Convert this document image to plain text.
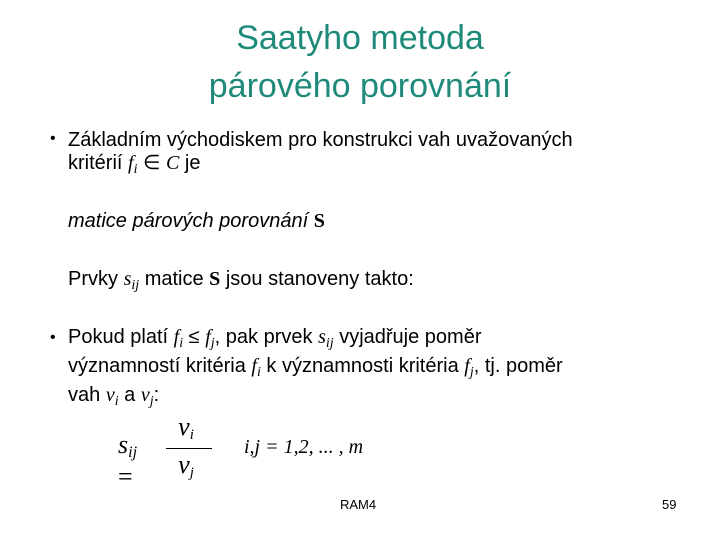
Saatyho metoda
párového porovnání
• Základním východiskem pro konstrukci vah uvažovaných
kritérií $f_i$ ∈ C je
matice párových porovnání S
Prvky $s_{ij}$ matice S jsou stanoveny takto:
• Pokud platí $f_i \le f_j$, pak prvek $s_{ij}$ vyjadřuje poměr
významností kritéria $f_i$ k významnosti kritéria $f_j$, tj. poměr
vah $v_i$ a $v_j$:
$s_{ij}$ =
$v_i$
$v_j$
i,j = 1,2, ... , m
RAM4	59
